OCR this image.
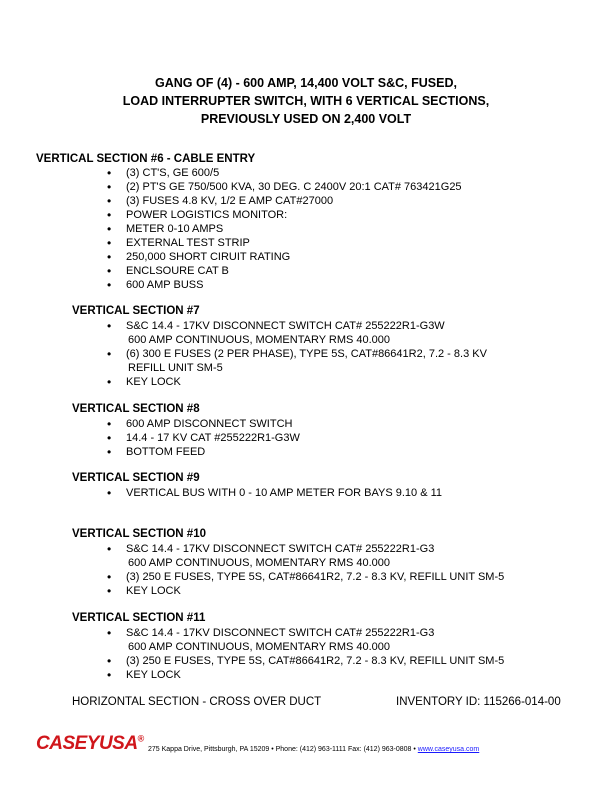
GANG OF (4) - 600 AMP, 14,400 VOLT S&C, FUSED,
LOAD INTERRUPTER SWITCH, WITH 6 VERTICAL SECTIONS,
PREVIOUSLY USED ON 2,400 VOLT
VERTICAL SECTION #6 - CABLE ENTRY
• (3) CT'S, GE 600/5
• (2) PT'S GE 750/500 KVA, 30 DEG. C 2400V 20:1 CAT# 763421G25
• (3) FUSES 4.8 KV, 1/2 E AMP CAT#27000
• POWER LOGISTICS MONITOR:
• METER 0-10 AMPS
• EXTERNAL TEST STRIP
• 250,000 SHORT CIRUIT RATING
• ENCLSOURE CAT B
• 600 AMP BUSS
VERTICAL SECTION #7
• S&C 14.4 - 17KV DISCONNECT SWITCH CAT# 255222R1-G3W
600 AMP CONTINUOUS, MOMENTARY RMS 40.000
• (6) 300 E FUSES (2 PER PHASE), TYPE 5S, CAT#86641R2, 7.2 - 8.3 KV
REFILL UNIT SM-5
• KEY LOCK
VERTICAL SECTION #8
• 600 AMP DISCONNECT SWITCH
• 14.4 - 17 KV CAT #255222R1-G3W
• BOTTOM FEED
VERTICAL SECTION #9
• VERTICAL BUS WITH 0 - 10 AMP METER FOR BAYS 9.10 & 11
VERTICAL SECTION #10
• S&C 14.4 - 17KV DISCONNECT SWITCH CAT# 255222R1-G3
600 AMP CONTINUOUS, MOMENTARY RMS 40.000
• (3) 250 E FUSES, TYPE 5S, CAT#86641R2, 7.2 - 8.3 KV, REFILL UNIT SM-5
• KEY LOCK
VERTICAL SECTION #11
• S&C 14.4 - 17KV DISCONNECT SWITCH CAT# 255222R1-G3
600 AMP CONTINUOUS, MOMENTARY RMS 40.000
• (3) 250 E FUSES, TYPE 5S, CAT#86641R2, 7.2 - 8.3 KV, REFILL UNIT SM-5
• KEY LOCK
HORIZONTAL SECTION - CROSS OVER DUCT	INVENTORY ID: 115266-014-00
CASEYUSA®
275 Kappa Drive, Pittsburgh, PA 15209 • Phone: (412) 963-1111 Fax: (412) 963-0808 • www.caseyusa.com
